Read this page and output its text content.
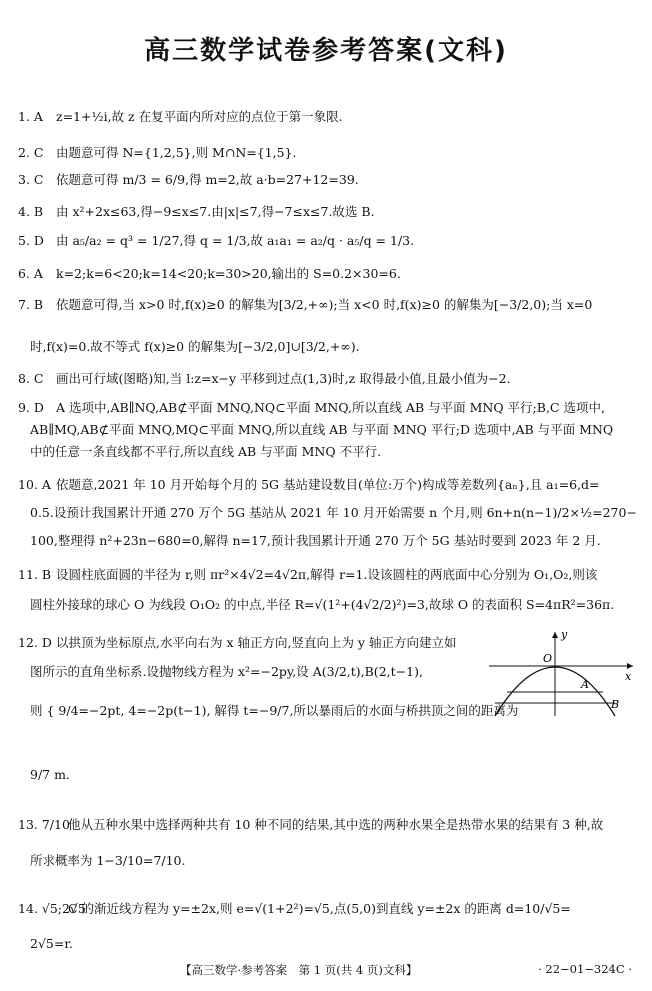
高三数学试卷参考答案(文科)
1. A z=1+½i,故 z 在复平面内所对应的点位于第一象限.
2. C 由题意可得 N={1,2,5},则 M∩N={1,5}.
3. C 依题意可得 m/3 = 6/9,得 m=2,故 a·b=27+12=39.
4. B 由 x²+2x≤63,得−9≤x≤7.由|x|≤7,得−7≤x≤7.故选 B.
5. D 由 a₅/a₂ = q³ = 1/27,得 q = 1/3,故 a₁a₁ = a₂/q · a₅/q = 1/3.
6. A k=2;k=6<20;k=14<20;k=30>20,输出的 S=0.2×30=6.
7. B 依题意可得,当 x>0 时,f(x)≥0 的解集为[3/2,+∞);当 x<0 时,f(x)≥0 的解集为[−3/2,0);当 x=0
时,f(x)=0.故不等式 f(x)≥0 的解集为[−3/2,0]∪[3/2,+∞).
8. C 画出可行域(图略)知,当 l:z=x−y 平移到过点(1,3)时,z 取得最小值,且最小值为−2.
9. D A 选项中,AB∥NQ,AB⊄平面 MNQ,NQ⊂平面 MNQ,所以直线 AB 与平面 MNQ 平行;B,C 选项中,
AB∥MQ,AB⊄平面 MNQ,MQ⊂平面 MNQ,所以直线 AB 与平面 MNQ 平行;D 选项中,AB 与平面 MNQ
中的任意一条直线都不平行,所以直线 AB 与平面 MNQ 不平行.
10. A 依题意,2021 年 10 月开始每个月的 5G 基站建设数目(单位:万个)构成等差数列{aₙ},且 a₁=6,d=
0.5.设预计我国累计开通 270 万个 5G 基站从 2021 年 10 月开始需要 n 个月,则 6n+n(n−1)/2×½=270−
100,整理得 n²+23n−680=0,解得 n=17,预计我国累计开通 270 万个 5G 基站时要到 2023 年 2 月.
11. B 设圆柱底面圆的半径为 r,则 πr²×4√2=4√2π,解得 r=1.设该圆柱的两底面中心分别为 O₁,O₂,则该
圆柱外接球的球心 O 为线段 O₁O₂ 的中点,半径 R=√(1²+(4√2/2)²)=3,故球 O 的表面积 S=4πR²=36π.
12. D 以拱顶为坐标原点,水平向右为 x 轴正方向,竖直向上为 y 轴正方向建立如
图所示的直角坐标系.设抛物线方程为 x²=−2py,设 A(3/2,t),B(2,t−1),
则 { 9/4=−2pt, 4=−2p(t−1), 解得 t=−9/7,所以暴雨后的水面与桥拱顶之间的距离为
9/7 m.
13. 7/10他从五种水果中选择两种共有 10 种不同的结果,其中选的两种水果全是热带水果的结果有 3 种,故
所求概率为 1−3/10=7/10.
14. √5;2√5C 的渐近线方程为 y=±2x,则 e=√(1+2²)=√5,点(5,0)到直线 y=±2x 的距离 d=10/√5=
2√5=r.
y
x
O
A
B
【高三数学·参考答案　第 1 页(共 4 页)文科】	· 22−01−324C ·
